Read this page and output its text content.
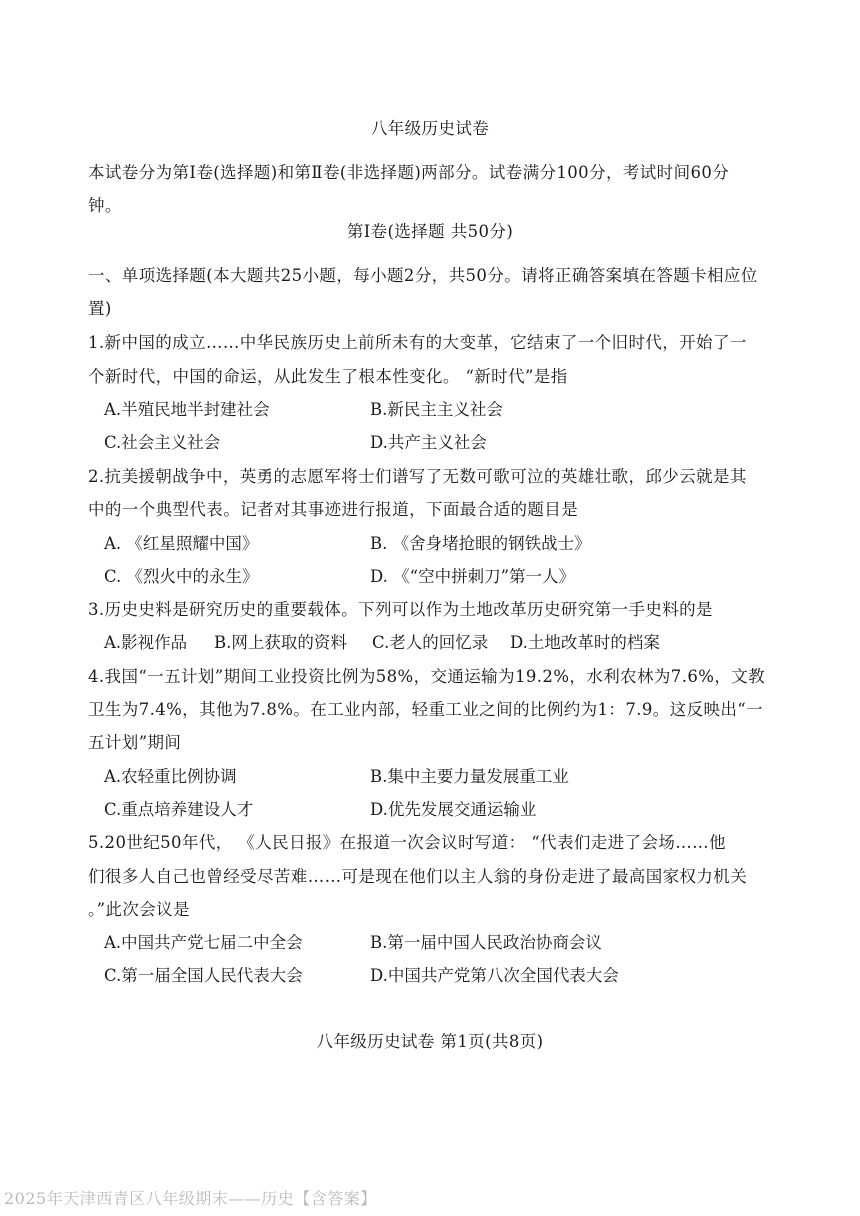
八年级历史试卷
本试卷分为第Ⅰ卷(选择题)和第Ⅱ卷(非选择题)两部分。试卷满分100分，考试时间60分
钟。
第Ⅰ卷(选择题 共50分)
一、单项选择题(本大题共25小题，每小题2分，共50分。请将正确答案填在答题卡相应位
置)
1.新中国的成立……中华民族历史上前所未有的大变革，它结束了一个旧时代，开始了一
个新时代，中国的命运，从此发生了根本性变化。 “新时代”是指
A.半殖民地半封建社会	B.新民主主义社会
C.社会主义社会	D.共产主义社会
2.抗美援朝战争中，英勇的志愿军将士们谱写了无数可歌可泣的英雄壮歌，邱少云就是其
中的一个典型代表。记者对其事迹进行报道，下面最合适的题目是
A. 《红星照耀中国》	B. 《舍身堵抢眼的钢铁战士》
C. 《烈火中的永生》	D. 《“空中拼刺刀”第一人》
3.历史史料是研究历史的重要载体。下列可以作为土地改革历史研究第一手史料的是
A.影视作品 B.网上获取的资料 C.老人的回忆录 D.土地改革时的档案
4.我国“一五计划”期间工业投资比例为58%，交通运输为19.2%，水利农林为7.6%，文教
卫生为7.4%，其他为7.8%。在工业内部，轻重工业之间的比例约为1：7.9。这反映出“一
五计划”期间
A.农轻重比例协调	B.集中主要力量发展重工业
C.重点培养建设人才	D.优先发展交通运输业
5.20世纪50年代， 《人民日报》在报道一次会议时写道： “代表们走进了会场……他
们很多人自己也曾经受尽苦难……可是现在他们以主人翁的身份走进了最高国家权力机关
。”此次会议是
A.中国共产党七届二中全会	B.第一届中国人民政治协商会议
C.第一届全国人民代表大会	D.中国共产党第八次全国代表大会
八年级历史试卷 第1页(共8页)
2025年天津西青区八年级期末——历史【含答案】
